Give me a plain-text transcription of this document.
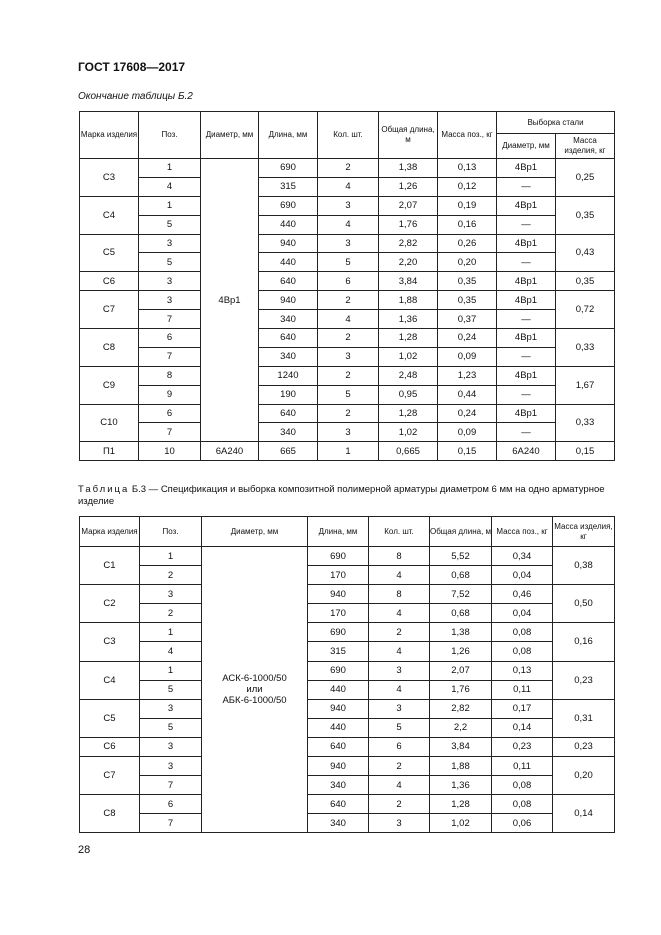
ГОСТ 17608—2017
Окончание таблицы Б.2
Марка изделия	Поз.	Диаметр, мм	Длина, мм	Кол. шт.	Общая длина, м	Масса поз., кг	Выборка стали	
							Диаметр, мм	Масса изделия, кг
С3	1	4Вр1	690	2	1,38	0,13	4Вр1	0,25
	4		315	4	1,26	0,12	—	
С4	1		690	3	2,07	0,19	4Вр1	0,35
	5		440	4	1,76	0,16	—	
С5	3		940	3	2,82	0,26	4Вр1	0,43
	5		440	5	2,20	0,20	—	
С6	3		640	6	3,84	0,35	4Вр1	0,35
С7	3		940	2	1,88	0,35	4Вр1	0,72
	7		340	4	1,36	0,37	—	
С8	6		640	2	1,28	0,24	4Вр1	0,33
	7		340	3	1,02	0,09	—	
С9	8		1240	2	2,48	1,23	4Вр1	1,67
	9		190	5	0,95	0,44	—	
С10	6		640	2	1,28	0,24	4Вр1	0,33
	7		340	3	1,02	0,09	—	
П1	10	6А240	665	1	0,665	0,15	6А240	0,15
Таблица Б.3 — Спецификация и выборка композитной полимерной арматуры диаметром 6 мм на одно арматурное изделие
Марка изделия	Поз.	Диаметр, мм	Длина, мм	Кол. шт.	Общая длина, м	Масса поз., кг	Масса изделия, кг
С1	1	АСК-6-1000/50
или
АБК-6-1000/50	690	8	5,52	0,34	0,38
	2		170	4	0,68	0,04	
С2	3		940	8	7,52	0,46	0,50
	2		170	4	0,68	0,04	
С3	1		690	2	1,38	0,08	0,16
	4		315	4	1,26	0,08	
С4	1		690	3	2,07	0,13	0,23
	5		440	4	1,76	0,11	
С5	3		940	3	2,82	0,17	0,31
	5		440	5	2,2	0,14	
С6	3		640	6	3,84	0,23	0,23
С7	3		940	2	1,88	0,11	0,20
	7		340	4	1,36	0,08	
С8	6		640	2	1,28	0,08	0,14
	7		340	3	1,02	0,06	
28
